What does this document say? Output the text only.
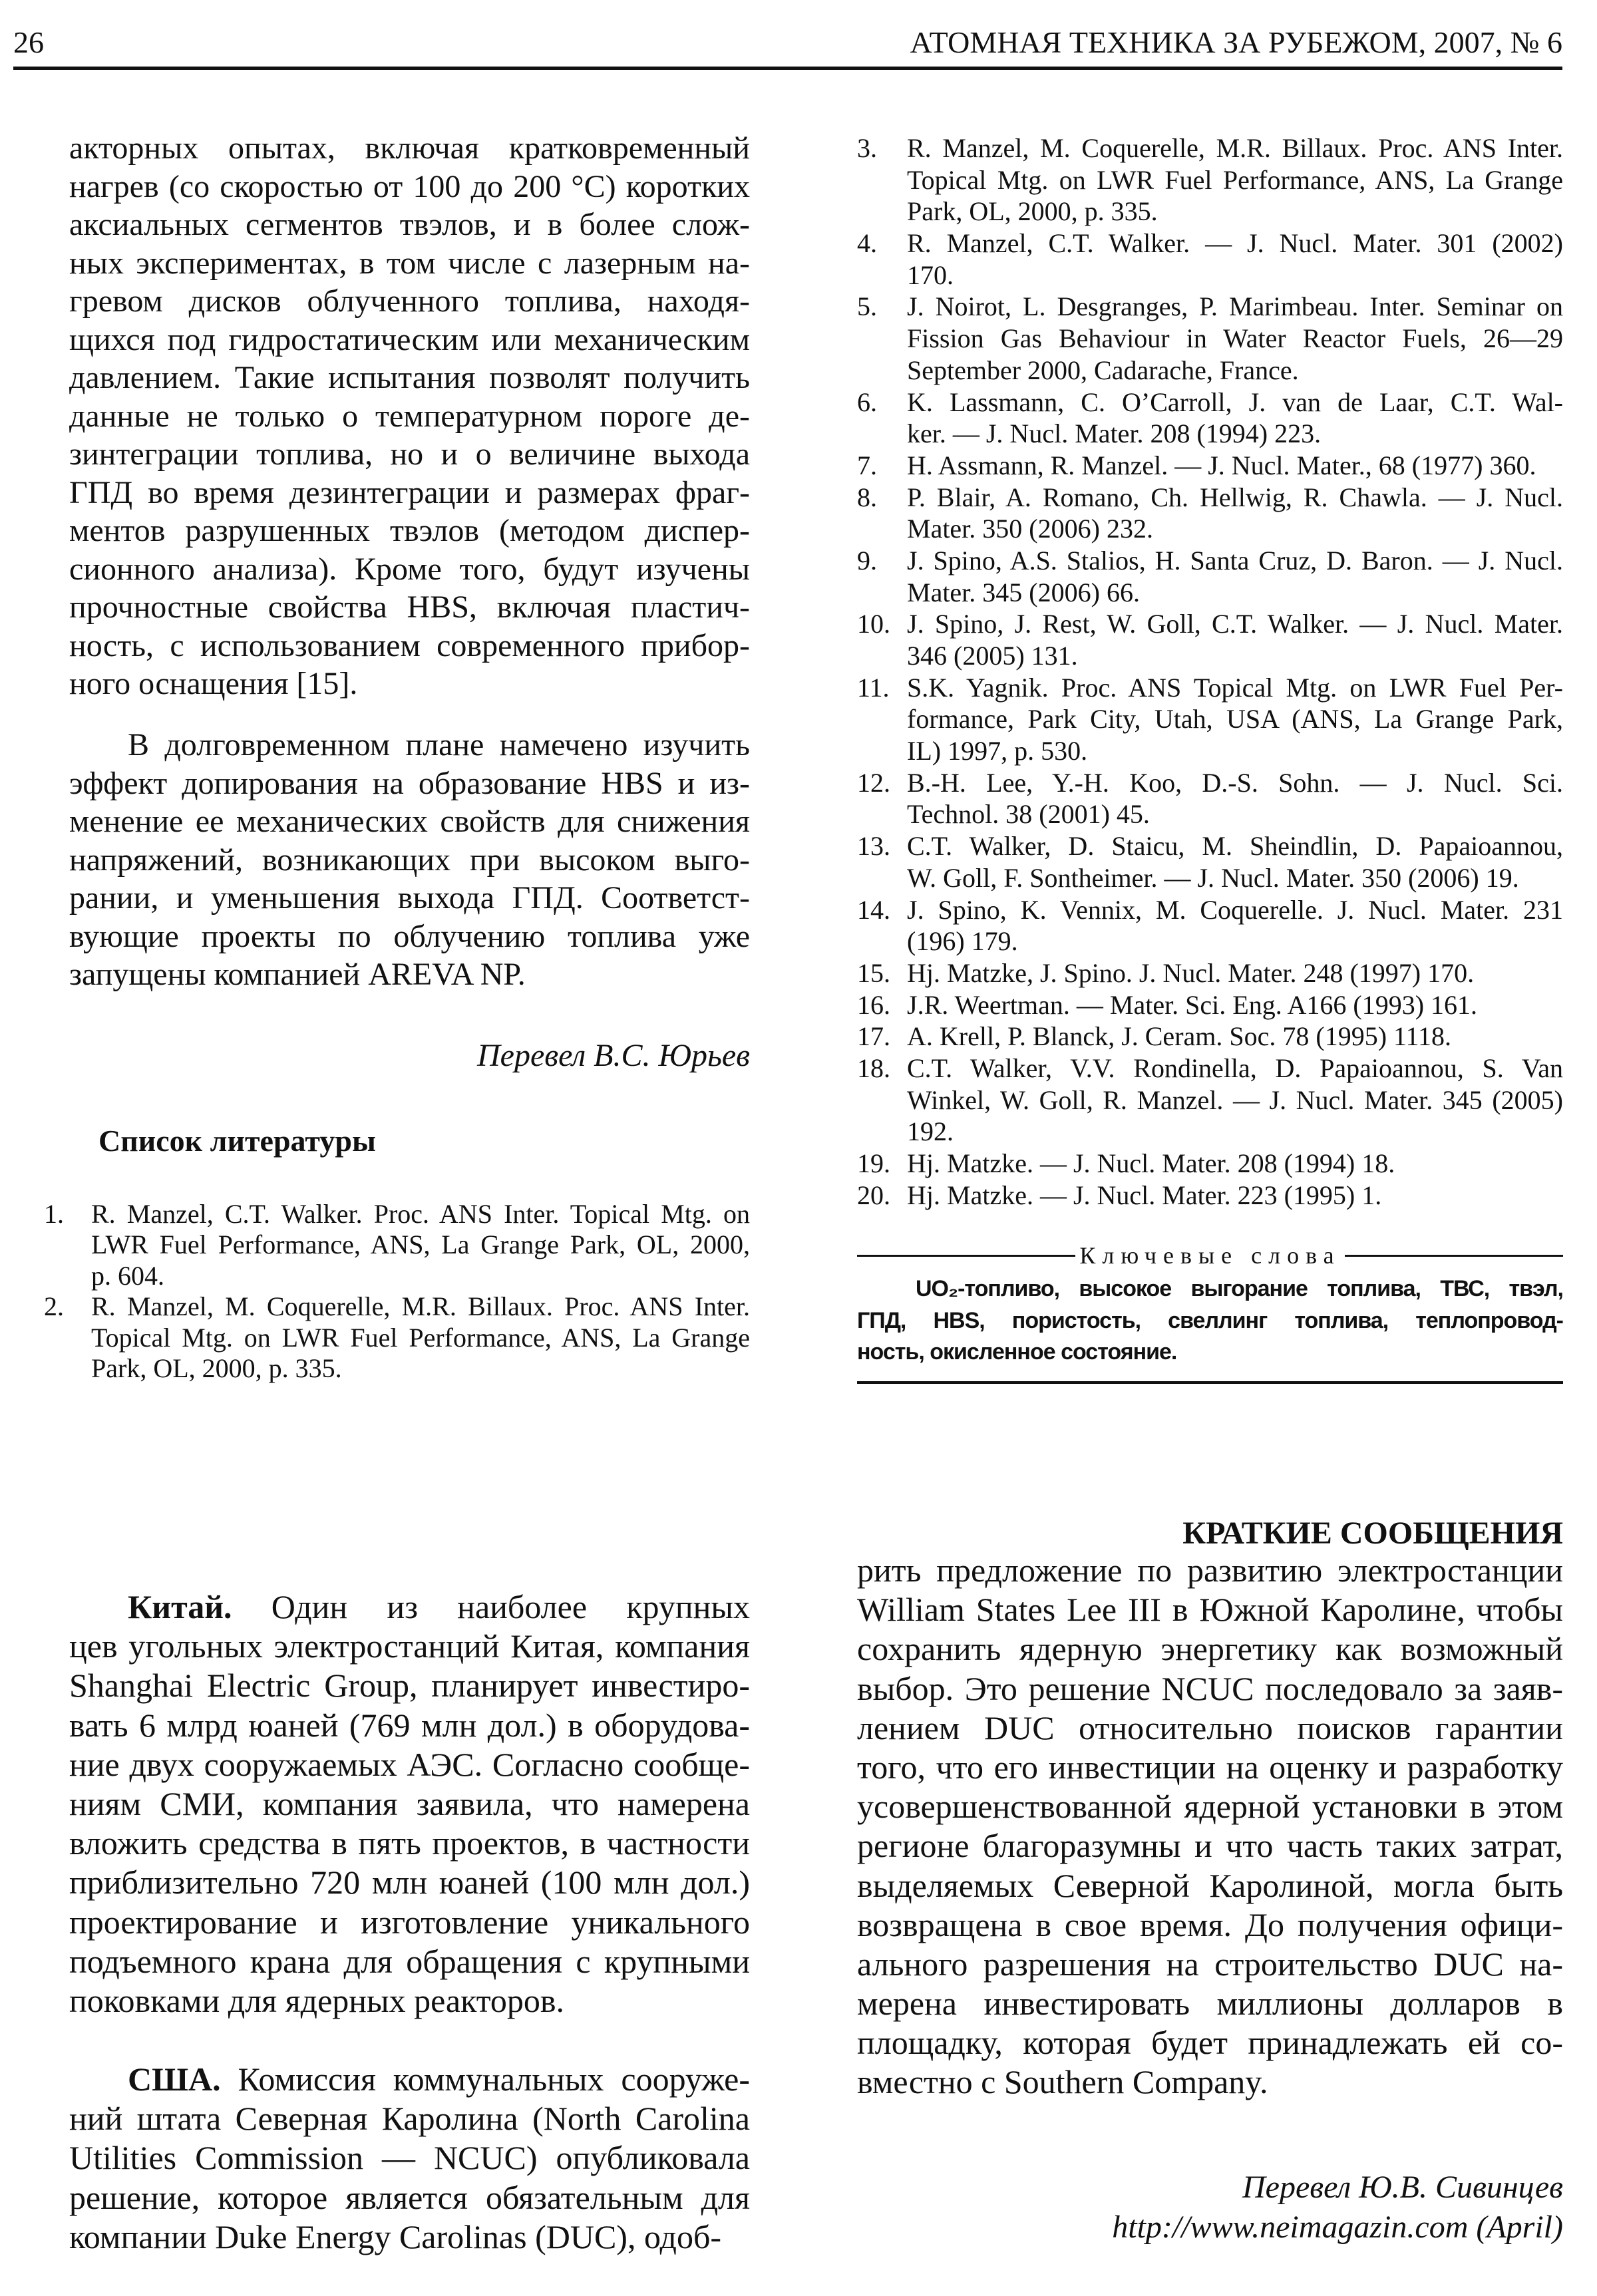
26	АТОМНАЯ ТЕХНИКА ЗА РУБЕЖОМ, 2007, № 6
акторных опытах, включая кратковременный
нагрев (со скоростью от 100 до 200 °С) коротких
аксиальных сегментов твэлов, и в более слож-
ных экспериментах, в том числе с лазерным на-
гревом дисков облученного топлива, находя-
щихся под гидростатическим или механическим
давлением. Такие испытания позволят получить
данные не только о температурном пороге де-
зинтеграции топлива, но и о величине выхода
ГПД во время дезинтеграции и размерах фраг-
ментов разрушенных твэлов (методом диспер-
сионного анализа). Кроме того, будут изучены
прочностные свойства HBS, включая пластич-
ность, с использованием современного прибор-
ного оснащения [15].
В долговременном плане намечено изучить
эффект допирования на образование HBS и из-
менение ее механических свойств для снижения
напряжений, возникающих при высоком выго-
рании, и уменьшения выхода ГПД. Соответст-
вующие проекты по облучению топлива уже
запущены компанией AREVA NP.
Перевел В.С. Юрьев
Список литературы
1. R. Manzel, C.T. Walker. Proc. ANS Inter. Topical Mtg. on
LWR Fuel Performance, ANS, La Grange Park, OL, 2000,
p. 604.
2. R. Manzel, M. Coquerelle, M.R. Billaux. Proc. ANS Inter.
Topical Mtg. on LWR Fuel Performance, ANS, La Grange
Park, OL, 2000, p. 335.
3. R. Manzel, M. Coquerelle, M.R. Billaux. Proc. ANS Inter.
Topical Mtg. on LWR Fuel Performance, ANS, La Grange
Park, OL, 2000, p. 335.
4. R. Manzel, C.T. Walker. — J. Nucl. Mater. 301 (2002)
170.
5. J. Noirot, L. Desgranges, P. Marimbeau. Inter. Seminar on
Fission Gas Behaviour in Water Reactor Fuels, 26—29
September 2000, Cadarache, France.
6. K. Lassmann, C. O’Carroll, J. van de Laar, C.T. Wal-
ker. — J. Nucl. Mater. 208 (1994) 223.
7. H. Assmann, R. Manzel. — J. Nucl. Mater., 68 (1977) 360.
8. P. Blair, A. Romano, Ch. Hellwig, R. Chawla. — J. Nucl.
Mater. 350 (2006) 232.
9. J. Spino, A.S. Stalios, H. Santa Cruz, D. Baron. — J. Nucl.
Mater. 345 (2006) 66.
10. J. Spino, J. Rest, W. Goll, C.T. Walker. — J. Nucl. Mater.
346 (2005) 131.
11. S.K. Yagnik. Proc. ANS Topical Mtg. on LWR Fuel Per-
formance, Park City, Utah, USA (ANS, La Grange Park,
IL) 1997, p. 530.
12. B.-H. Lee, Y.-H. Koo, D.-S. Sohn. — J. Nucl. Sci.
Technol. 38 (2001) 45.
13. C.T. Walker, D. Staicu, M. Sheindlin, D. Papaioannou,
W. Goll, F. Sontheimer. — J. Nucl. Mater. 350 (2006) 19.
14. J. Spino, K. Vennix, M. Coquerelle. J. Nucl. Mater. 231
(196) 179.
15. Hj. Matzke, J. Spino. J. Nucl. Mater. 248 (1997) 170.
16. J.R. Weertman. — Mater. Sci. Eng. A166 (1993) 161.
17. A. Krell, P. Blanck, J. Ceram. Soc. 78 (1995) 1118.
18. C.T. Walker, V.V. Rondinella, D. Papaioannou, S. Van
Winkel, W. Goll, R. Manzel. — J. Nucl. Mater. 345 (2005)
192.
19. Hj. Matzke. — J. Nucl. Mater. 208 (1994) 18.
20. Hj. Matzke. — J. Nucl. Mater. 223 (1995) 1.
Ключевые слова
UO₂-топливо, высокое выгорание топлива, ТВС, твэл,
ГПД, HBS, пористость, свеллинг топлива, теплопровод-
ность, окисленное состояние.
КРАТКИЕ СООБЩЕНИЯ
Китай. Один из наиболее крупных
цев угольных электростанций Китая, компания
Shanghai Electric Group, планирует инвестиро-
вать 6 млрд юаней (769 млн дол.) в оборудова-
ние двух сооружаемых АЭС. Согласно сообще-
ниям СМИ, компания заявила, что намерена
вложить средства в пять проектов, в частности
приблизительно 720 млн юаней (100 млн дол.)
проектирование и изготовление уникального
подъемного крана для обращения с крупными
поковками для ядерных реакторов.
США. Комиссия коммунальных сооруже-
ний штата Северная Каролина (North Carolina
Utilities Commission — NCUC) опубликовала
решение, которое является обязательным для
компании Duke Energy Carolinas (DUC), одоб-
рить предложение по развитию электростанции
William States Lee III в Южной Каролине, чтобы
сохранить ядерную энергетику как возможный
выбор. Это решение NCUC последовало за заяв-
лением DUC относительно поисков гарантии
того, что его инвестиции на оценку и разработку
усовершенствованной ядерной установки в этом
регионе благоразумны и что часть таких затрат,
выделяемых Северной Каролиной, могла быть
возвращена в свое время. До получения офици-
ального разрешения на строительство DUC на-
мерена инвестировать миллионы долларов в
площадку, которая будет принадлежать ей со-
вместно с Southern Company.
Перевел Ю.В. Сивинцев
http://www.neimagazin.com (April)
